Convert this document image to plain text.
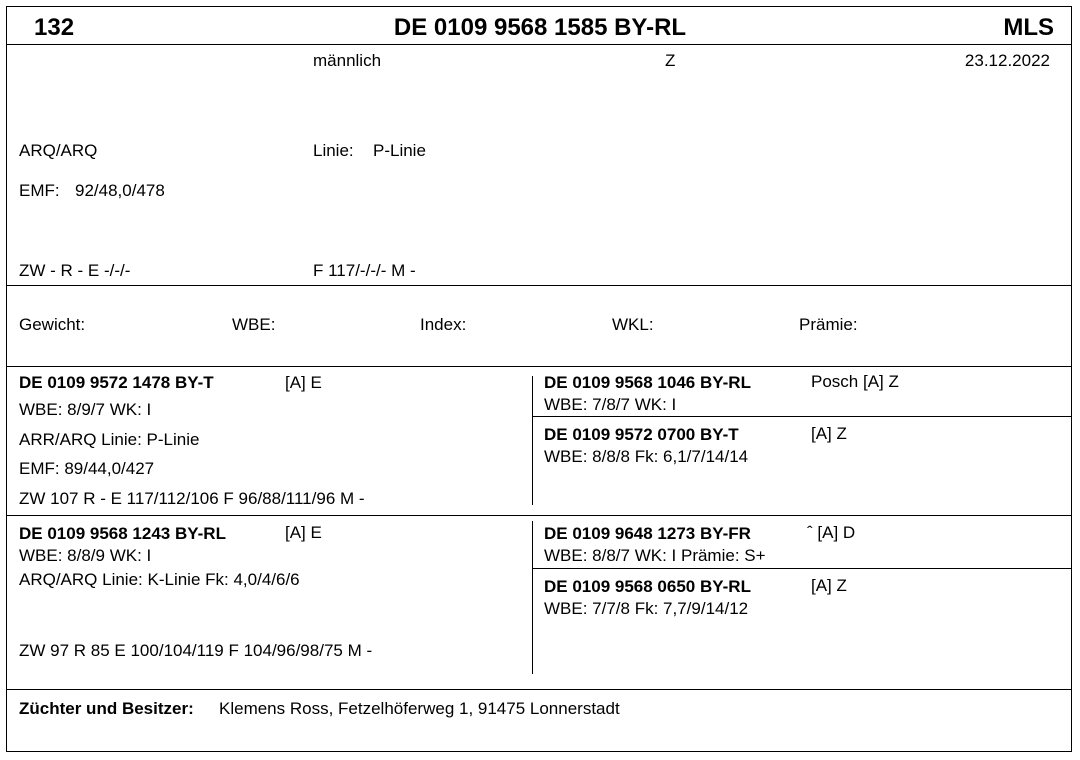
132	DE 0109 9568 1585 BY-RL	MLS
männlich	Z	23.12.2022
ARQ/ARQ	Linie: P-Linie
EMF: 92/48,0/478
ZW - R - E -/-/-	F 117/-/-/- M -
Gewicht:	WBE:	Index:	WKL:	Prämie:
DE 0109 9572 1478 BY-T	[A] E
WBE: 8/9/7 WK: I
ARR/ARQ Linie: P-Linie
EMF: 89/44,0/427
ZW 107 R - E 117/112/106 F 96/88/111/96 M -
DE 0109 9568 1046 BY-RL	Posch [A] Z
WBE: 7/8/7 WK: I
DE 0109 9572 0700 BY-T	[A] Z
WBE: 8/8/8 Fk: 6,1/7/14/14
DE 0109 9568 1243 BY-RL	[A] E
WBE: 8/8/9 WK: I
ARQ/ARQ Linie: K-Linie Fk: 4,0/4/6/6
ZW 97 R 85 E 100/104/119 F 104/96/98/75 M -
DE 0109 9648 1273 BY-FR	ˆ [A] D
WBE: 8/8/7 WK: I Prämie: S+
DE 0109 9568 0650 BY-RL	[A] Z
WBE: 7/7/8 Fk: 7,7/9/14/12
Züchter und Besitzer: Klemens Ross, Fetzelhöferweg 1, 91475 Lonnerstadt
